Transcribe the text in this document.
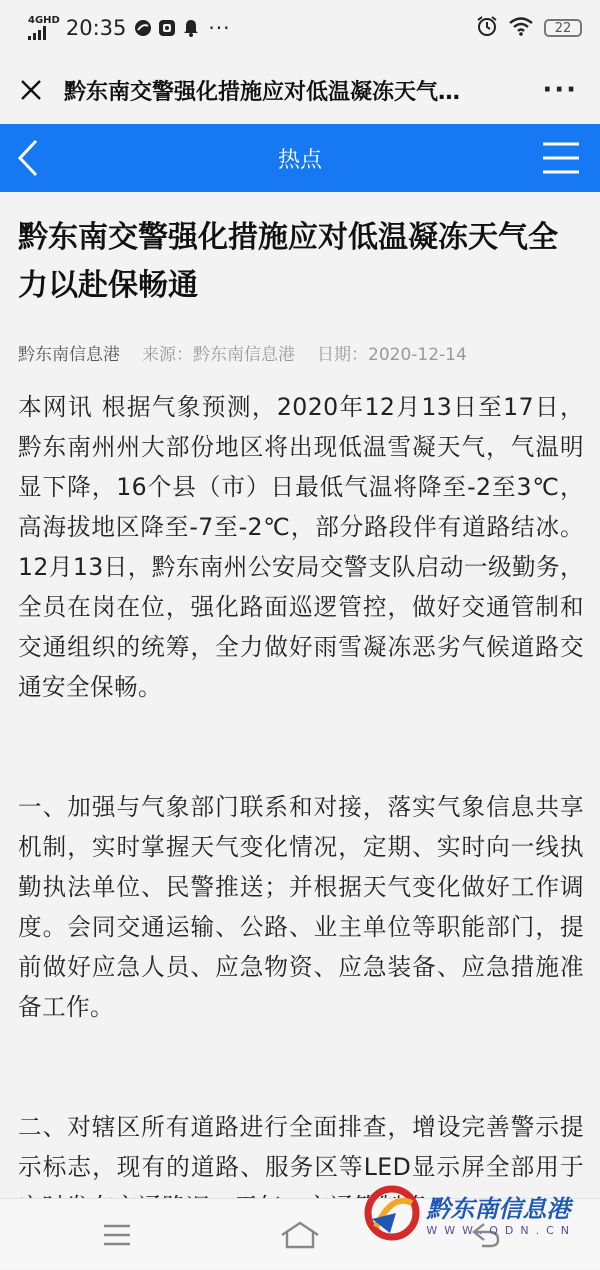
4GHD 20:35	···	22
黔东南交警强化措施应对低温凝冻天气…	···
热点
黔东南交警强化措施应对低温凝冻天气全力以赴保畅通
黔东南信息港 来源：黔东南信息港 日期：2020-12-14

本网讯 根据气象预测，2020年12月13日至17日，黔东南州州大部份地区将出现低温雪凝天气，气温明显下降，16个县（市）日最低气温将降至-2至3℃，高海拔地区降至-7至-2℃，部分路段伴有道路结冰。12月13日，黔东南州公安局交警支队启动一级勤务，全员在岗在位，强化路面巡逻管控，做好交通管制和交通组织的统筹，全力做好雨雪凝冻恶劣气候道路交通安全保畅。

一、加强与气象部门联系和对接，落实气象信息共享机制，实时掌握天气变化情况，定期、实时向一线执勤执法单位、民警推送；并根据天气变化做好工作调度。会同交通运输、公路、业主单位等职能部门，提前做好应急人员、应急物资、应急装备、应急措施准备工作。

二、对辖区所有道路进行全面排查，增设完善警示提示标志，现有的道路、服务区等LED显示屏全部用于

黔东南信息港
WWW.QDN.CN
